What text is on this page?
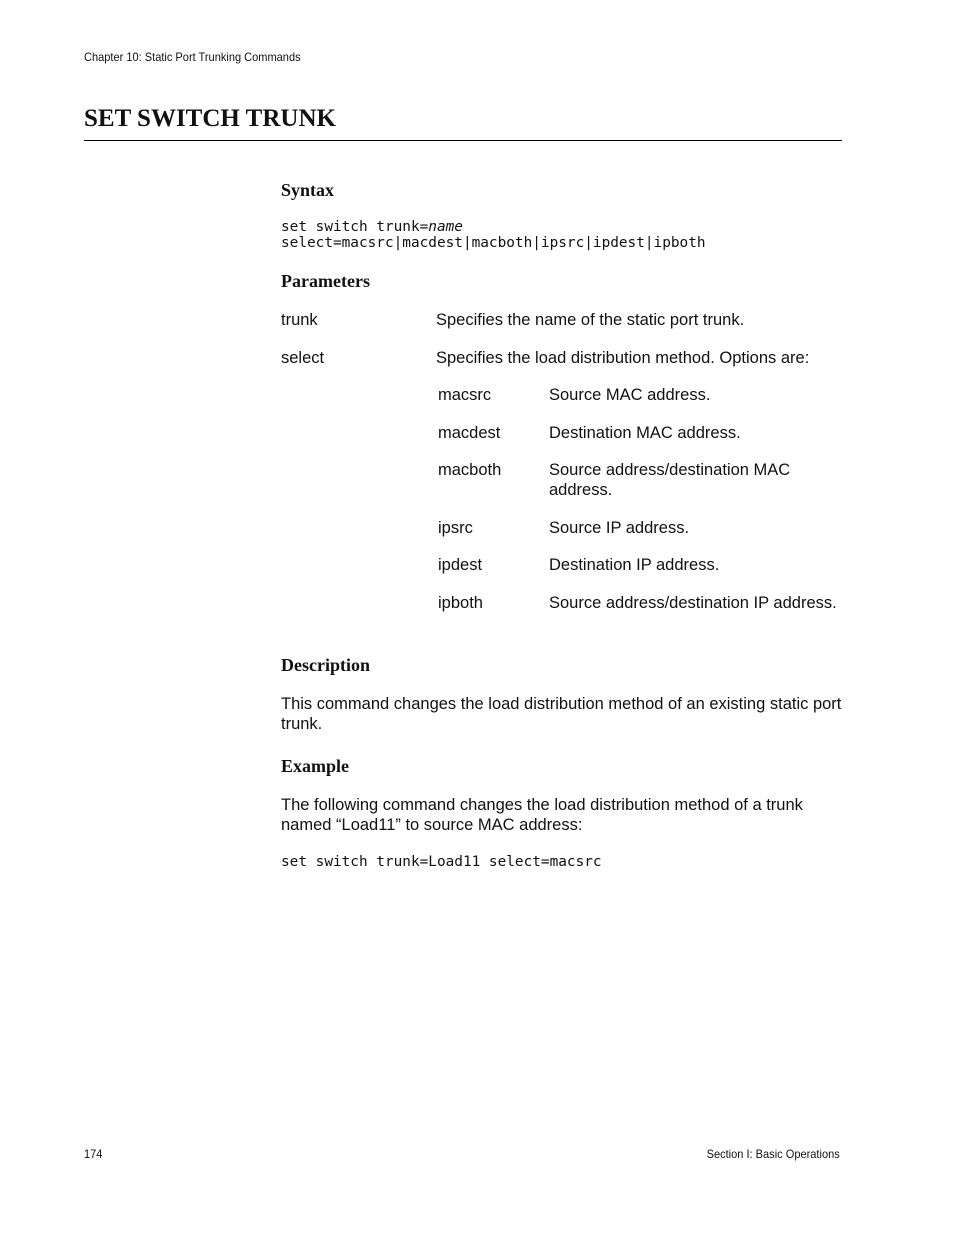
Chapter 10: Static Port Trunking Commands
SET SWITCH TRUNK
Syntax
set switch trunk=name
select=macsrc|macdest|macboth|ipsrc|ipdest|ipboth
Parameters
trunk	Specifies the name of the static port trunk.
select	Specifies the load distribution method. Options are:
macsrc	Source MAC address.
macdest	Destination MAC address.
macboth	Source address/destination MAC address.
ipsrc	Source IP address.
ipdest	Destination IP address.
ipboth	Source address/destination IP address.
Description
This command changes the load distribution method of an existing static port trunk.
Example
The following command changes the load distribution method of a trunk named “Load11” to source MAC address:
set switch trunk=Load11 select=macsrc
174	Section I: Basic Operations
